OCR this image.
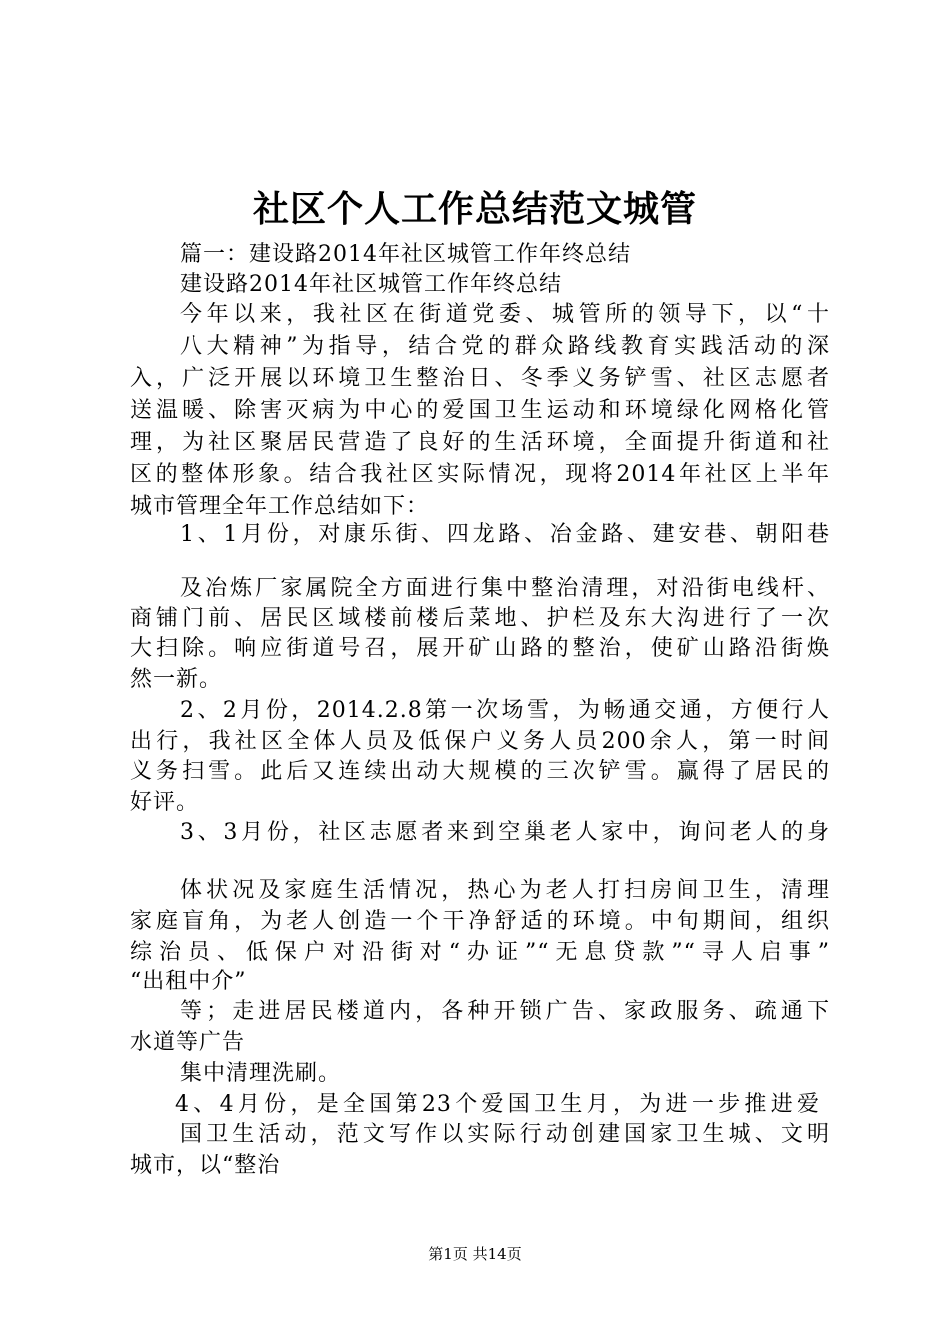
社区个人工作总结范文城管
篇一：建设路2014年社区城管工作年终总结
建设路2014年社区城管工作年终总结
今年以来，我社区在街道党委、城管所的领导下，以“十
八大精神”为指导，结合党的群众路线教育实践活动的深
入，广泛开展以环境卫生整治日、冬季义务铲雪、社区志愿者
送温暖、除害灭病为中心的爱国卫生运动和环境绿化网格化管
理，为社区聚居民营造了良好的生活环境，全面提升街道和社
区的整体形象。结合我社区实际情况，现将2014年社区上半年
城市管理全年工作总结如下：
1、1月份，对康乐街、四龙路、冶金路、建安巷、朝阳巷
及冶炼厂家属院全方面进行集中整治清理，对沿街电线杆、
商铺门前、居民区域楼前楼后菜地、护栏及东大沟进行了一次
大扫除。响应街道号召，展开矿山路的整治，使矿山路沿街焕
然一新。
2、2月份，2014.2.8第一次场雪，为畅通交通，方便行人
出行，我社区全体人员及低保户义务人员200余人，第一时间
义务扫雪。此后又连续出动大规模的三次铲雪。赢得了居民的
好评。
3、3月份，社区志愿者来到空巢老人家中，询问老人的身
体状况及家庭生活情况，热心为老人打扫房间卫生，清理
家庭盲角，为老人创造一个干净舒适的环境。中旬期间，组织
综治员、低保户对沿街对“办证”“无息贷款”“寻人启事”
“出租中介”
等；走进居民楼道内，各种开锁广告、家政服务、疏通下
水道等广告
集中清理洗刷。
4、4月份，是全国第23个爱国卫生月，为进一步推进爱
国卫生活动，范文写作以实际行动创建国家卫生城、文明
城市，以“整治
第1页 共14页
